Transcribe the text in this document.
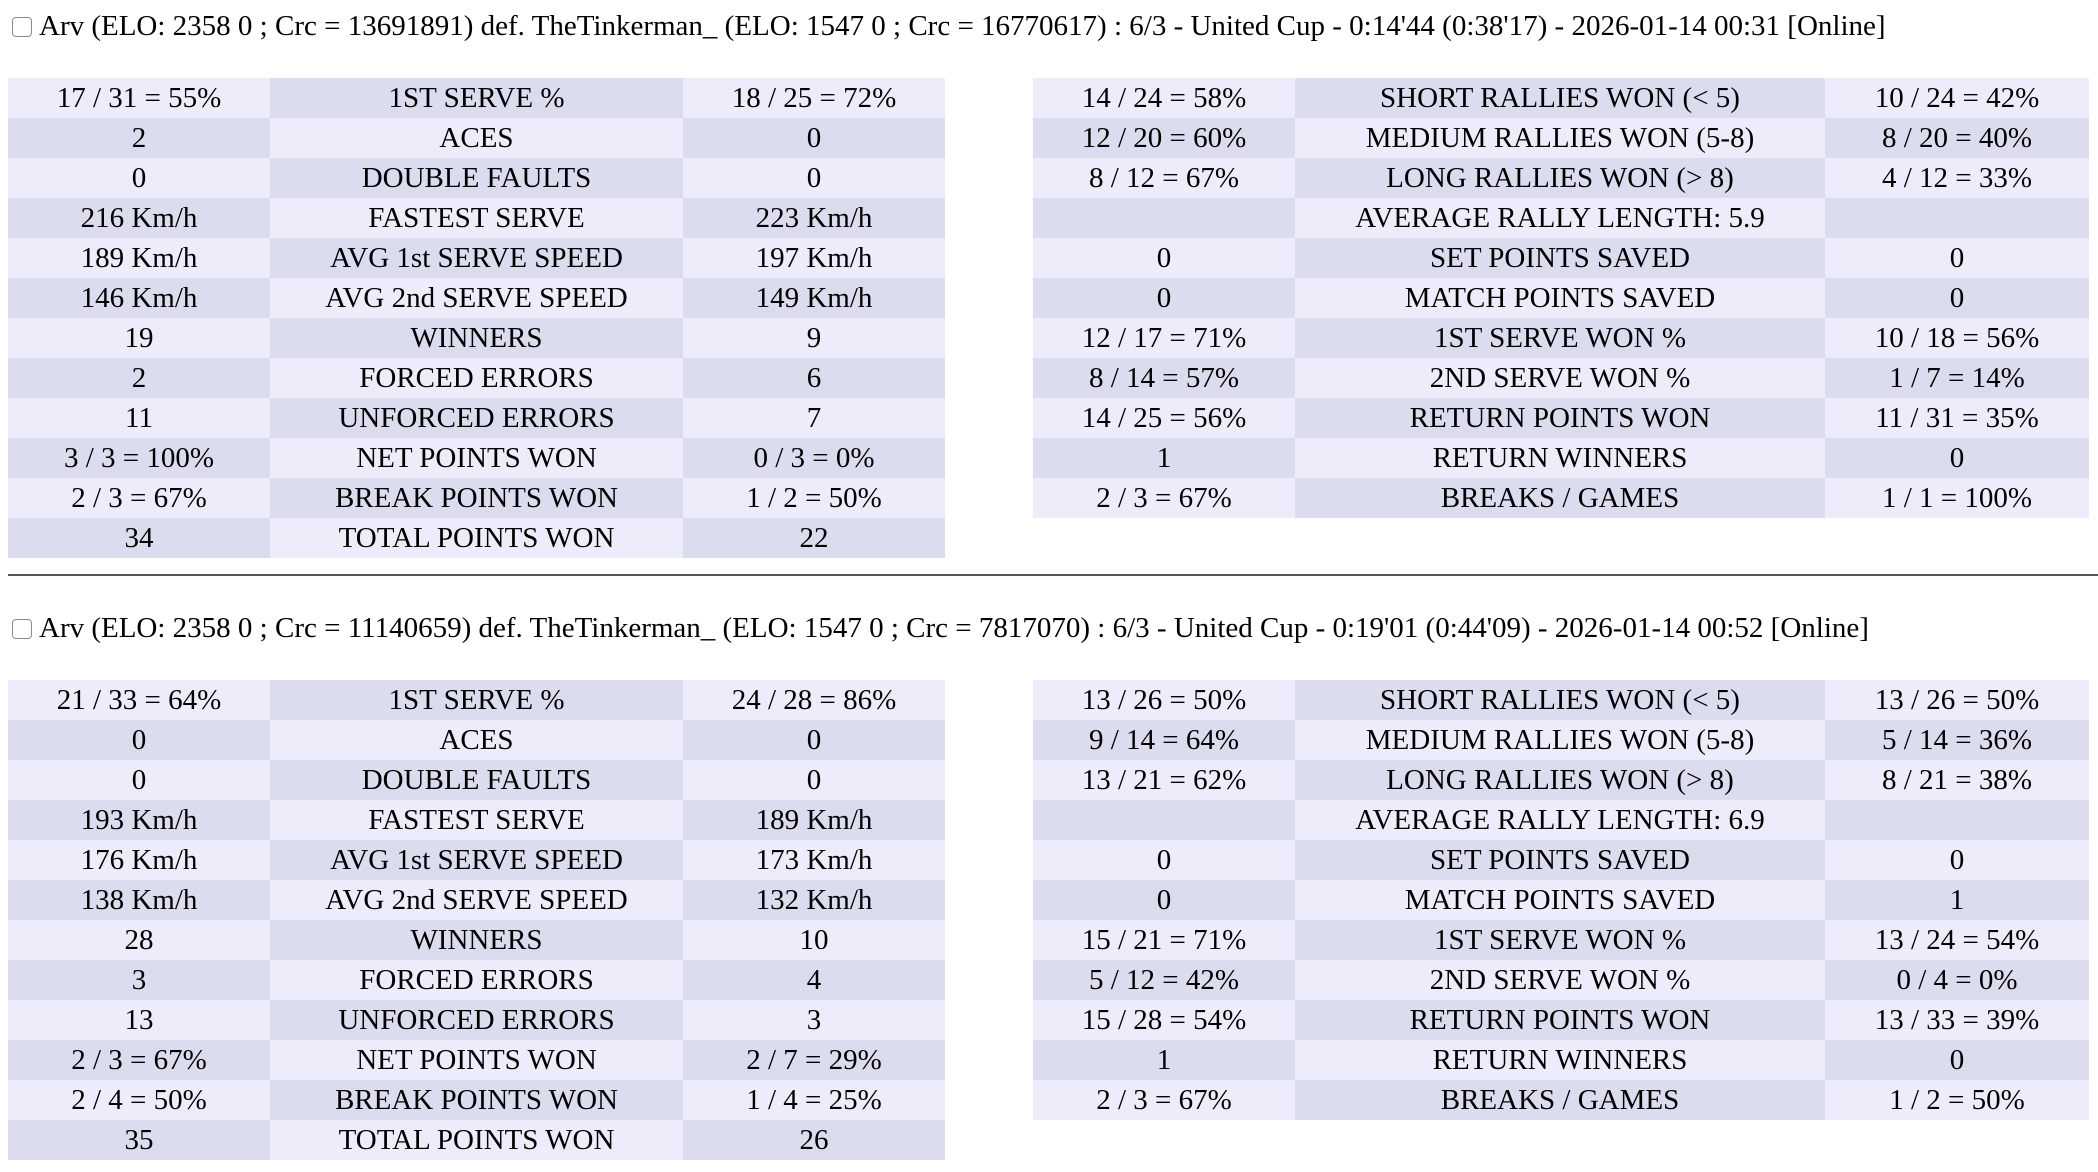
Arv (ELO: 2358 0 ; Crc = 13691891) def. TheTinkerman_ (ELO: 1547 0 ; Crc = 16770617) : 6/3 - United Cup - 0:14'44 (0:38'17) - 2026-01-14 00:31 [Online]
17 / 31 = 55%	1ST SERVE %	18 / 25 = 72%
2	ACES	0
0	DOUBLE FAULTS	0
216 Km/h	FASTEST SERVE	223 Km/h
189 Km/h	AVG 1st SERVE SPEED	197 Km/h
146 Km/h	AVG 2nd SERVE SPEED	149 Km/h
19	WINNERS	9
2	FORCED ERRORS	6
11	UNFORCED ERRORS	7
3 / 3 = 100%	NET POINTS WON	0 / 3 = 0%
2 / 3 = 67%	BREAK POINTS WON	1 / 2 = 50%
34	TOTAL POINTS WON	22
14 / 24 = 58%	SHORT RALLIES WON (< 5)	10 / 24 = 42%
12 / 20 = 60%	MEDIUM RALLIES WON (5-8)	8 / 20 = 40%
8 / 12 = 67%	LONG RALLIES WON (> 8)	4 / 12 = 33%
	AVERAGE RALLY LENGTH: 5.9	
0	SET POINTS SAVED	0
0	MATCH POINTS SAVED	0
12 / 17 = 71%	1ST SERVE WON %	10 / 18 = 56%
8 / 14 = 57%	2ND SERVE WON %	1 / 7 = 14%
14 / 25 = 56%	RETURN POINTS WON	11 / 31 = 35%
1	RETURN WINNERS	0
2 / 3 = 67%	BREAKS / GAMES	1 / 1 = 100%
Arv (ELO: 2358 0 ; Crc = 11140659) def. TheTinkerman_ (ELO: 1547 0 ; Crc = 7817070) : 6/3 - United Cup - 0:19'01 (0:44'09) - 2026-01-14 00:52 [Online]
21 / 33 = 64%	1ST SERVE %	24 / 28 = 86%
0	ACES	0
0	DOUBLE FAULTS	0
193 Km/h	FASTEST SERVE	189 Km/h
176 Km/h	AVG 1st SERVE SPEED	173 Km/h
138 Km/h	AVG 2nd SERVE SPEED	132 Km/h
28	WINNERS	10
3	FORCED ERRORS	4
13	UNFORCED ERRORS	3
2 / 3 = 67%	NET POINTS WON	2 / 7 = 29%
2 / 4 = 50%	BREAK POINTS WON	1 / 4 = 25%
35	TOTAL POINTS WON	26
13 / 26 = 50%	SHORT RALLIES WON (< 5)	13 / 26 = 50%
9 / 14 = 64%	MEDIUM RALLIES WON (5-8)	5 / 14 = 36%
13 / 21 = 62%	LONG RALLIES WON (> 8)	8 / 21 = 38%
	AVERAGE RALLY LENGTH: 6.9	
0	SET POINTS SAVED	0
0	MATCH POINTS SAVED	1
15 / 21 = 71%	1ST SERVE WON %	13 / 24 = 54%
5 / 12 = 42%	2ND SERVE WON %	0 / 4 = 0%
15 / 28 = 54%	RETURN POINTS WON	13 / 33 = 39%
1	RETURN WINNERS	0
2 / 3 = 67%	BREAKS / GAMES	1 / 2 = 50%
